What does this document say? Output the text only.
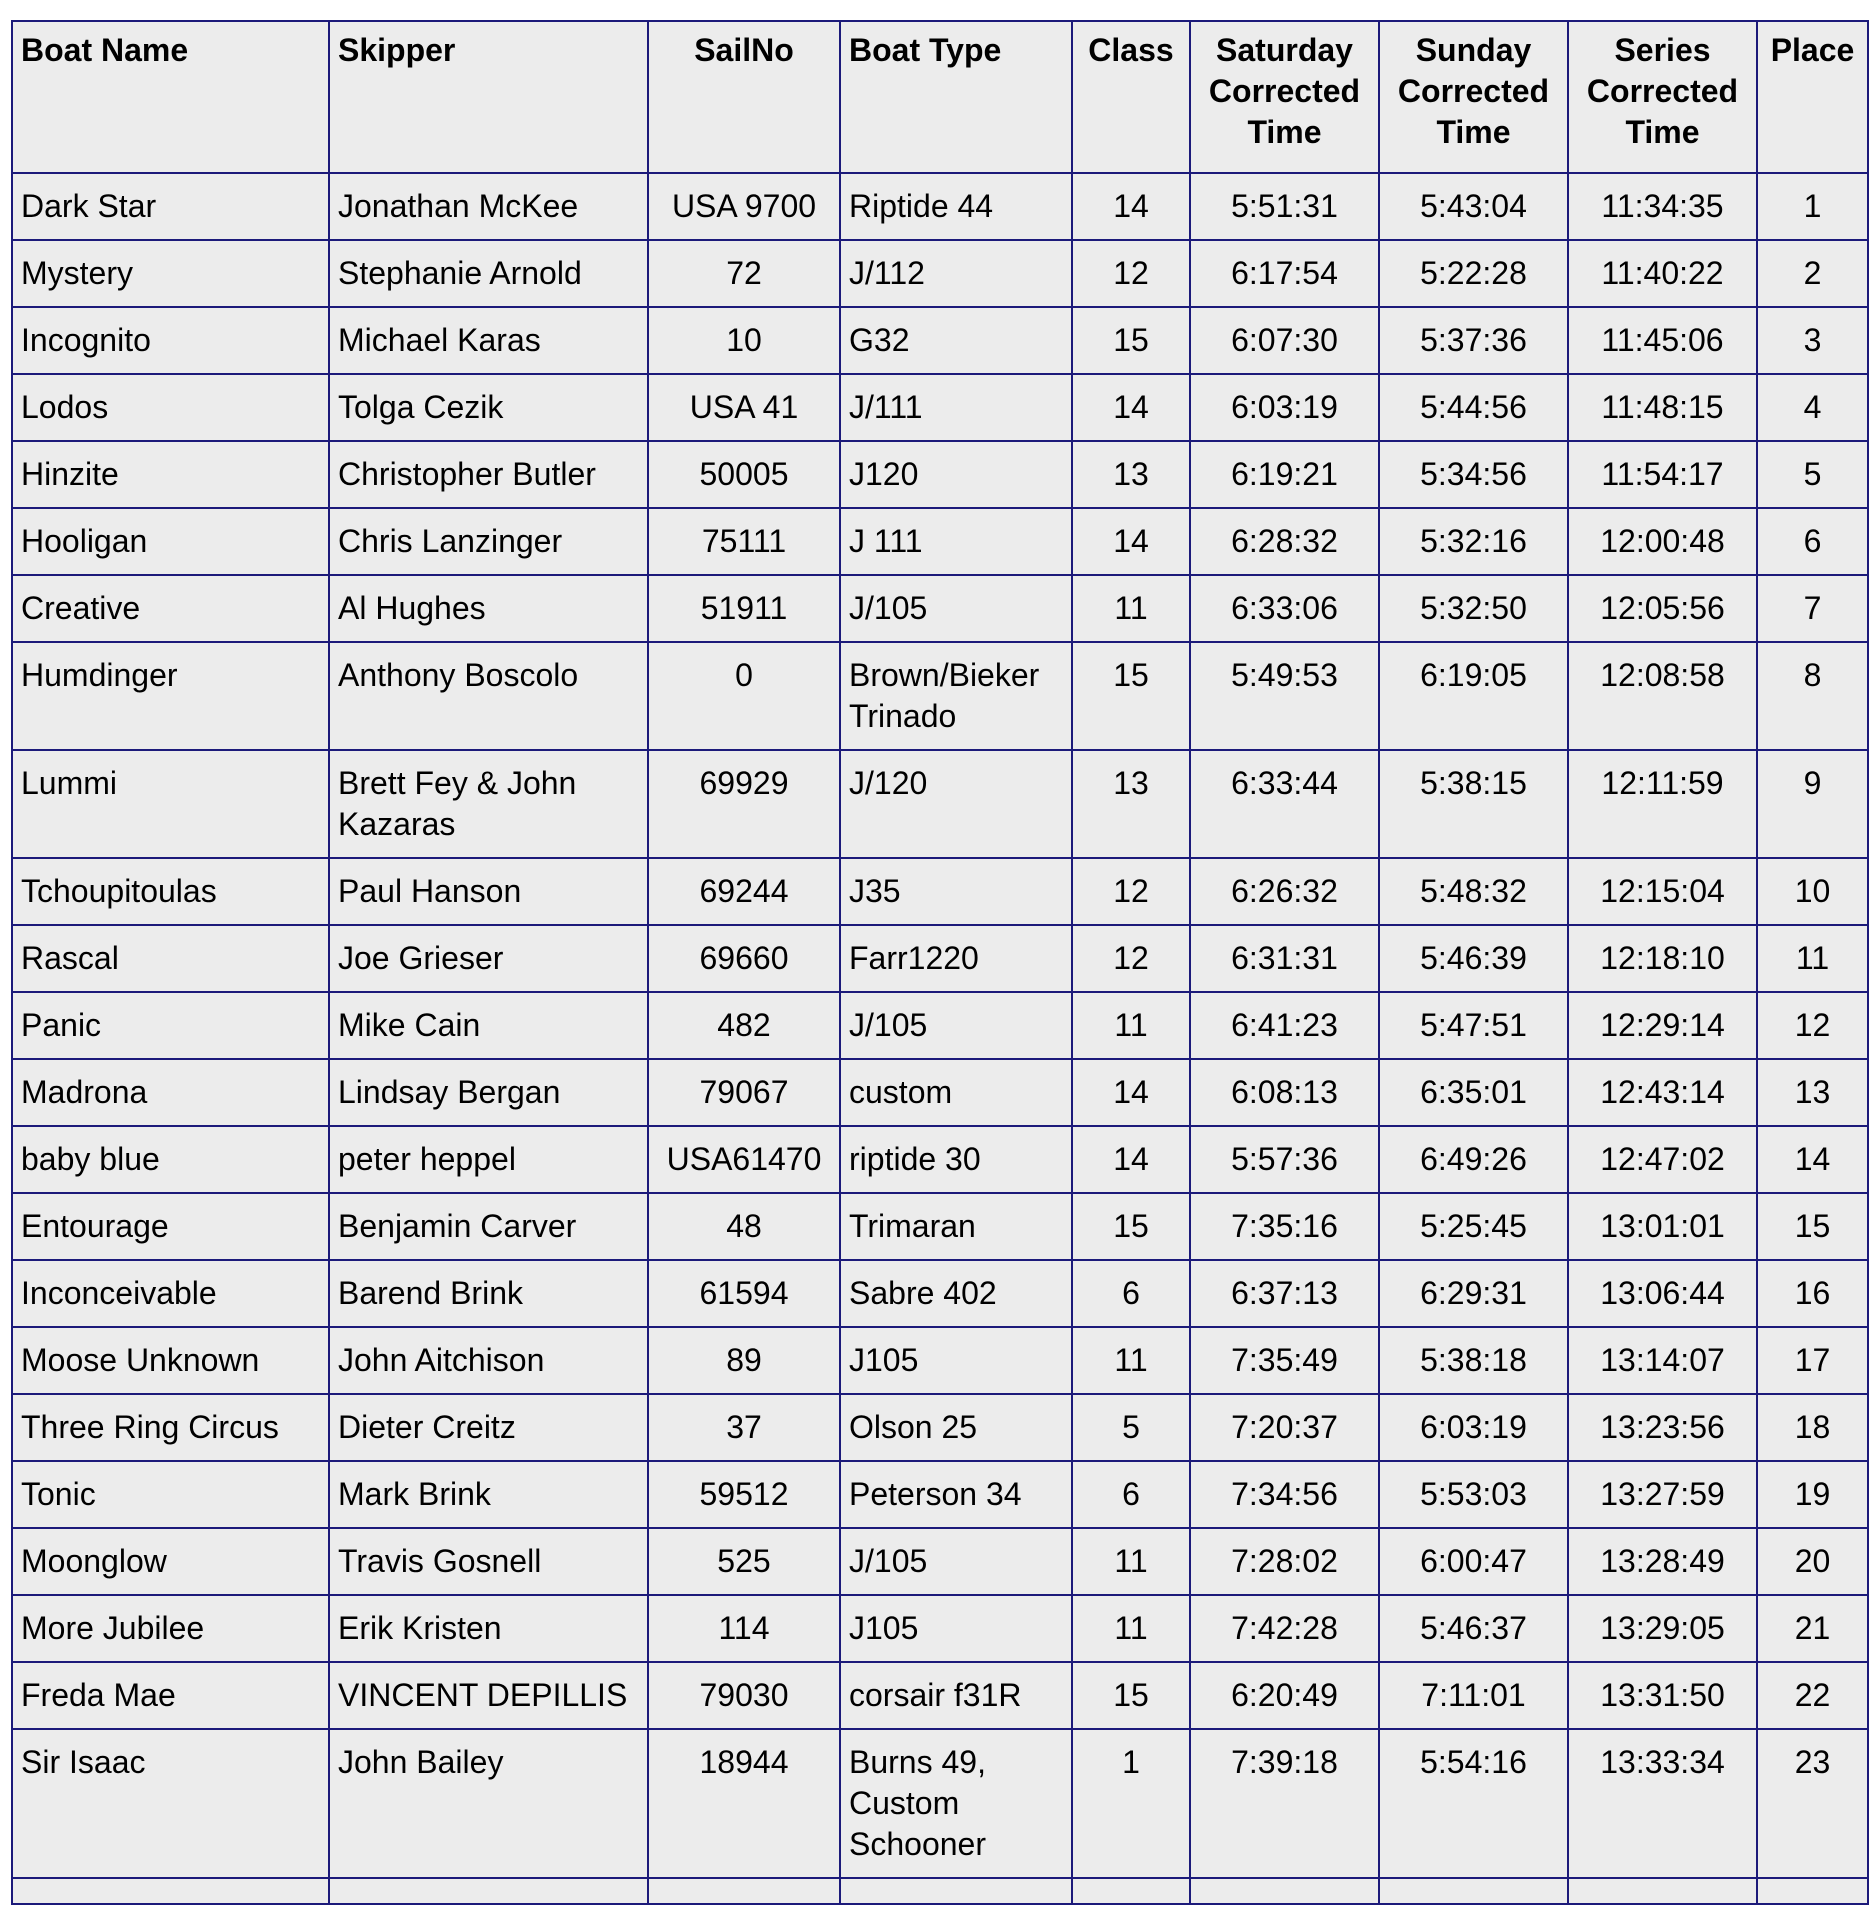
Boat Name	Skipper	SailNo	Boat Type	Class	Saturday Corrected Time	Sunday Corrected Time	Series Corrected Time	Place
Dark Star	Jonathan McKee	USA 9700	Riptide 44	14	5:51:31	5:43:04	11:34:35	1
Mystery	Stephanie Arnold	72	J/112	12	6:17:54	5:22:28	11:40:22	2
Incognito	Michael Karas	10	G32	15	6:07:30	5:37:36	11:45:06	3
Lodos	Tolga Cezik	USA 41	J/111	14	6:03:19	5:44:56	11:48:15	4
Hinzite	Christopher Butler	50005	J120	13	6:19:21	5:34:56	11:54:17	5
Hooligan	Chris Lanzinger	75111	J 111	14	6:28:32	5:32:16	12:00:48	6
Creative	Al Hughes	51911	J/105	11	6:33:06	5:32:50	12:05:56	7
Humdinger	Anthony Boscolo	0	Brown/Bieker Trinado	15	5:49:53	6:19:05	12:08:58	8
Lummi	Brett Fey & John Kazaras	69929	J/120	13	6:33:44	5:38:15	12:11:59	9
Tchoupitoulas	Paul Hanson	69244	J35	12	6:26:32	5:48:32	12:15:04	10
Rascal	Joe Grieser	69660	Farr1220	12	6:31:31	5:46:39	12:18:10	11
Panic	Mike Cain	482	J/105	11	6:41:23	5:47:51	12:29:14	12
Madrona	Lindsay Bergan	79067	custom	14	6:08:13	6:35:01	12:43:14	13
baby blue	peter heppel	USA61470	riptide 30	14	5:57:36	6:49:26	12:47:02	14
Entourage	Benjamin Carver	48	Trimaran	15	7:35:16	5:25:45	13:01:01	15
Inconceivable	Barend Brink	61594	Sabre 402	6	6:37:13	6:29:31	13:06:44	16
Moose Unknown	John Aitchison	89	J105	11	7:35:49	5:38:18	13:14:07	17
Three Ring Circus	Dieter Creitz	37	Olson 25	5	7:20:37	6:03:19	13:23:56	18
Tonic	Mark Brink	59512	Peterson 34	6	7:34:56	5:53:03	13:27:59	19
Moonglow	Travis Gosnell	525	J/105	11	7:28:02	6:00:47	13:28:49	20
More Jubilee	Erik Kristen	114	J105	11	7:42:28	5:46:37	13:29:05	21
Freda Mae	VINCENT DEPILLIS	79030	corsair f31R	15	6:20:49	7:11:01	13:31:50	22
Sir Isaac	John Bailey	18944	Burns 49, Custom Schooner	1	7:39:18	5:54:16	13:33:34	23
